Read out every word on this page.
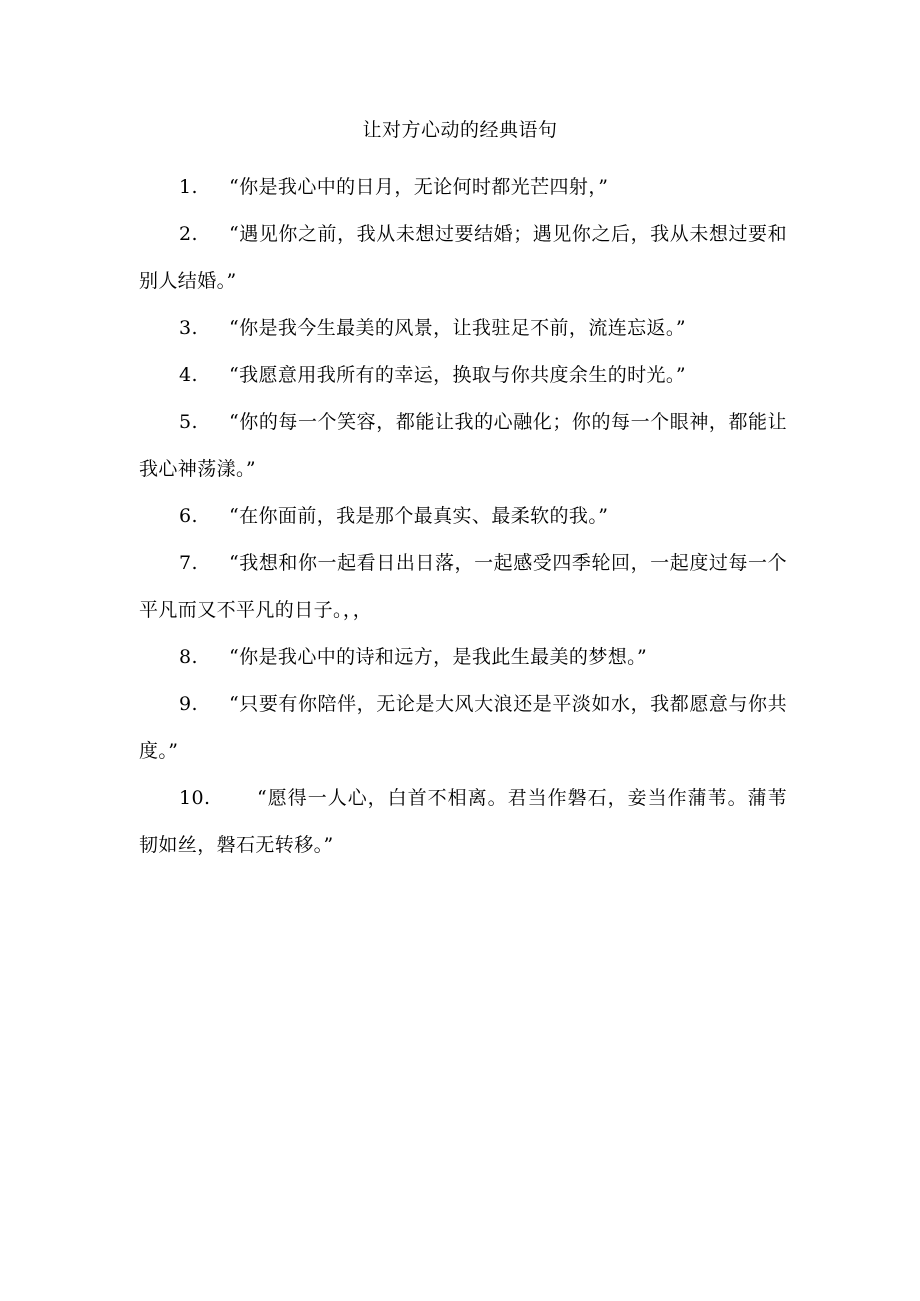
让对方心动的经典语句
1. “你是我心中的日月，无论何时都光芒四射，”
2. “遇见你之前，我从未想过要结婚；遇见你之后，我从未想过要和别人结婚。”
3. “你是我今生最美的风景，让我驻足不前，流连忘返。”
4. “我愿意用我所有的幸运，换取与你共度余生的时光。”
5. “你的每一个笑容，都能让我的心融化；你的每一个眼神，都能让我心神荡漾。”
6. “在你面前，我是那个最真实、最柔软的我。”
7. “我想和你一起看日出日落，一起感受四季轮回，一起度过每一个平凡而又不平凡的日子。，，
8. “你是我心中的诗和远方，是我此生最美的梦想。”
9. “只要有你陪伴，无论是大风大浪还是平淡如水，我都愿意与你共度。”
10. “愿得一人心，白首不相离。君当作磐石，妾当作蒲苇。蒲苇韧如丝，磐石无转移。”
